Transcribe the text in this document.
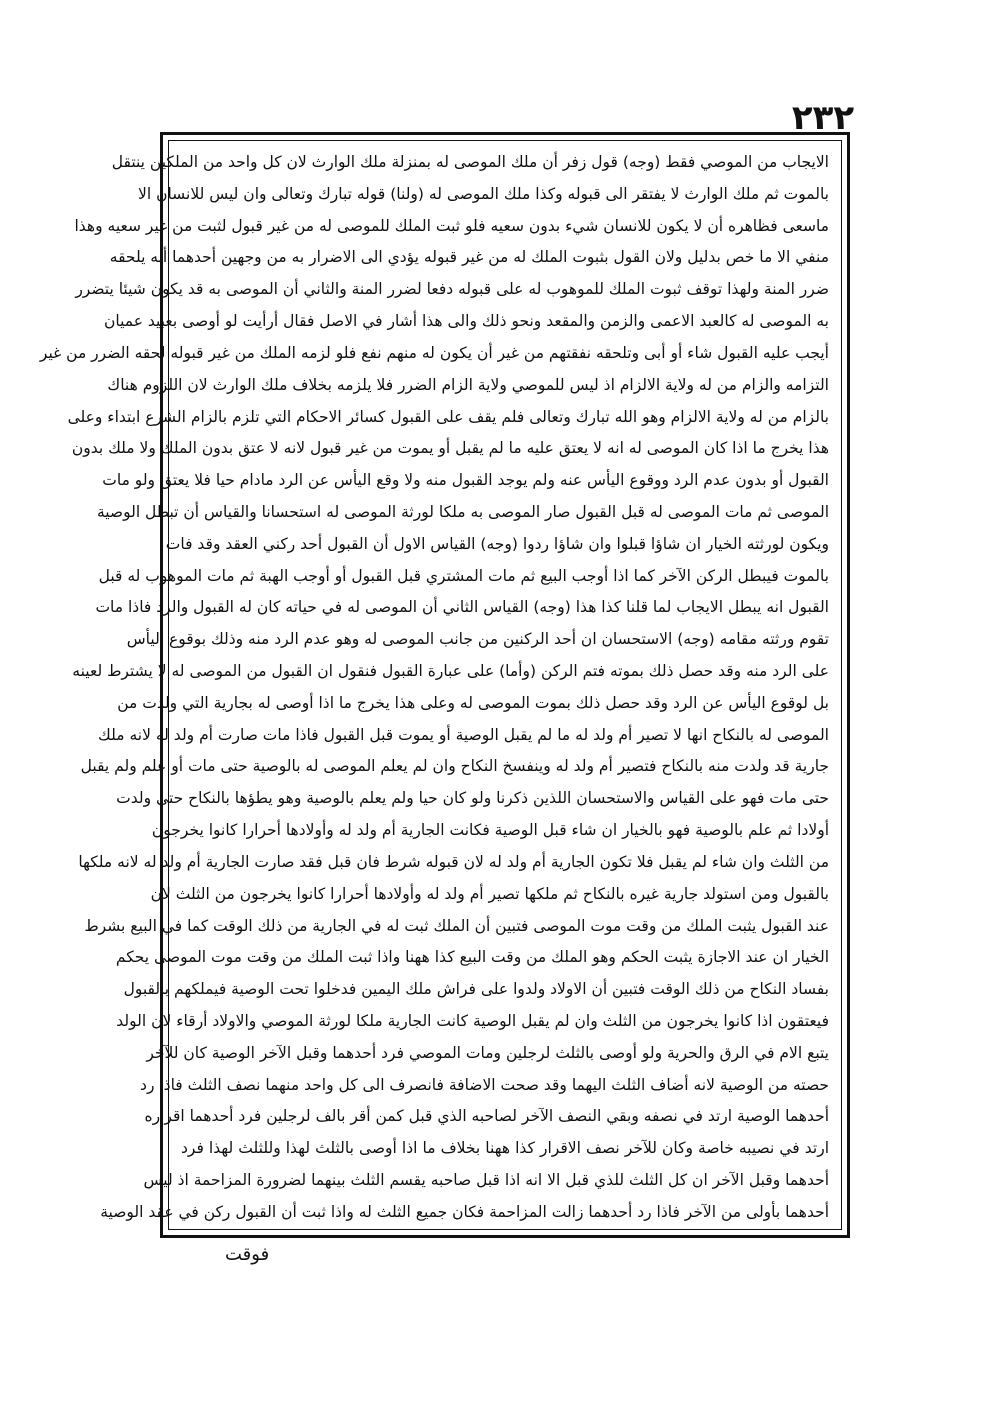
٢٣٢
الايجاب من الموصي فقط (وجه) قول زفر أن ملك الموصى له بمنزلة ملك الوارث لان كل واحد من الملكين ينتقل
بالموت ثم ملك الوارث لا يفتقر الى قبوله وكذا ملك الموصى له (ولنا) قوله تبارك وتعالى وان ليس للانسان الا
ماسعى فظاهره أن لا يكون للانسان شيء بدون سعيه فلو ثبت الملك للموصى له من غير قبول لثبت من غير سعيه وهذا
منفي الا ما خص بدليل ولان القول بثبوت الملك له من غير قبوله يؤدي الى الاضرار به من وجهين أحدهما أنه يلحقه
ضرر المنة ولهذا توقف ثبوت الملك للموهوب له على قبوله دفعا لضرر المنة والثاني أن الموصى به قد يكون شيئا يتضرر
به الموصى له كالعبد الاعمى والزمن والمقعد ونحو ذلك والى هذا أشار في الاصل فقال أرأيت لو أوصى بعبيد عميان
أيجب عليه القبول شاء أو أبى وتلحقه نفقتهم من غير أن يكون له منهم نفع فلو لزمه الملك من غير قبوله لحقه الضرر من غير
التزامه والزام من له ولاية الالزام اذ ليس للموصي ولاية الزام الضرر فلا يلزمه بخلاف ملك الوارث لان اللزوم هناك
بالزام من له ولاية الالزام وهو الله تبارك وتعالى فلم يقف على القبول كسائر الاحكام التي تلزم بالزام الشرع ابتداء وعلى
هذا يخرج ما اذا كان الموصى له انه لا يعتق عليه ما لم يقبل أو يموت من غير قبول لانه لا عتق بدون الملك ولا ملك بدون
القبول أو بدون عدم الرد ووقوع اليأس عنه ولم يوجد القبول منه ولا وقع اليأس عن الرد مادام حيا فلا يعتق ولو مات
الموصى ثم مات الموصى له قبل القبول صار الموصى به ملكا لورثة الموصى له استحسانا والقياس أن تبطل الوصية
ويكون لورثته الخيار ان شاؤا قبلوا وان شاؤا ردوا (وجه) القياس الاول أن القبول أحد ركني العقد وقد فات
بالموت فيبطل الركن الآخر كما اذا أوجب البيع ثم مات المشتري قبل القبول أو أوجب الهبة ثم مات الموهوب له قبل
القبول انه يبطل الايجاب لما قلنا كذا هذا (وجه) القياس الثاني أن الموصى له في حياته كان له القبول والرد فاذا مات
تقوم ورثته مقامه (وجه) الاستحسان ان أحد الركنين من جانب الموصى له وهو عدم الرد منه وذلك بوقوع اليأس
على الرد منه وقد حصل ذلك بموته فتم الركن (وأما) على عبارة القبول فنقول ان القبول من الموصى له لا يشترط لعينه
بل لوقوع اليأس عن الرد وقد حصل ذلك بموت الموصى له وعلى هذا يخرج ما اذا أوصى له بجارية التي ولدت من
الموصى له بالنكاح انها لا تصير أم ولد له ما لم يقبل الوصية أو يموت قبل القبول فاذا مات صارت أم ولد له لانه ملك
جارية قد ولدت منه بالنكاح فتصير أم ولد له وينفسخ النكاح وان لم يعلم الموصى له بالوصية حتى مات أو علم ولم يقبل
حتى مات فهو على القياس والاستحسان اللذين ذكرنا ولو كان حيا ولم يعلم بالوصية وهو يطؤها بالنكاح حتى ولدت
أولادا ثم علم بالوصية فهو بالخيار ان شاء قبل الوصية فكانت الجارية أم ولد له وأولادها أحرارا كانوا يخرجون
من الثلث وان شاء لم يقبل فلا تكون الجارية أم ولد له لان قبوله شرط فان قبل فقد صارت الجارية أم ولد له لانه ملكها
بالقبول ومن استولد جارية غيره بالنكاح ثم ملكها تصير أم ولد له وأولادها أحرارا كانوا يخرجون من الثلث لان
عند القبول يثبت الملك من وقت موت الموصى فتبين أن الملك ثبت له في الجارية من ذلك الوقت كما في البيع بشرط
الخيار ان عند الاجازة يثبت الحكم وهو الملك من وقت البيع كذا ههنا واذا ثبت الملك من وقت موت الموصى يحكم
بفساد النكاح من ذلك الوقت فتبين أن الاولاد ولدوا على فراش ملك اليمين فدخلوا تحت الوصية فيملكهم بالقبول
فيعتقون اذا كانوا يخرجون من الثلث وان لم يقبل الوصية كانت الجارية ملكا لورثة الموصي والاولاد أرقاء لان الولد
يتبع الام في الرق والحرية ولو أوصى بالثلث لرجلين ومات الموصي فرد أحدهما وقبل الآخر الوصية كان للآخر
حصته من الوصية لانه أضاف الثلث اليهما وقد صحت الاضافة فانصرف الى كل واحد منهما نصف الثلث فاذا رد
أحدهما الوصية ارتد في نصفه وبقي النصف الآخر لصاحبه الذي قبل كمن أقر بالف لرجلين فرد أحدهما اقراره
ارتد في نصيبه خاصة وكان للآخر نصف الاقرار كذا ههنا بخلاف ما اذا أوصى بالثلث لهذا وللثلث لهذا فرد
أحدهما وقبل الآخر ان كل الثلث للذي قبل الا انه اذا قبل صاحبه يقسم الثلث بينهما لضرورة المزاحمة اذ ليس
أحدهما بأولى من الآخر فاذا رد أحدهما زالت المزاحمة فكان جميع الثلث له واذا ثبت أن القبول ركن في عقد الوصية
فوقت
